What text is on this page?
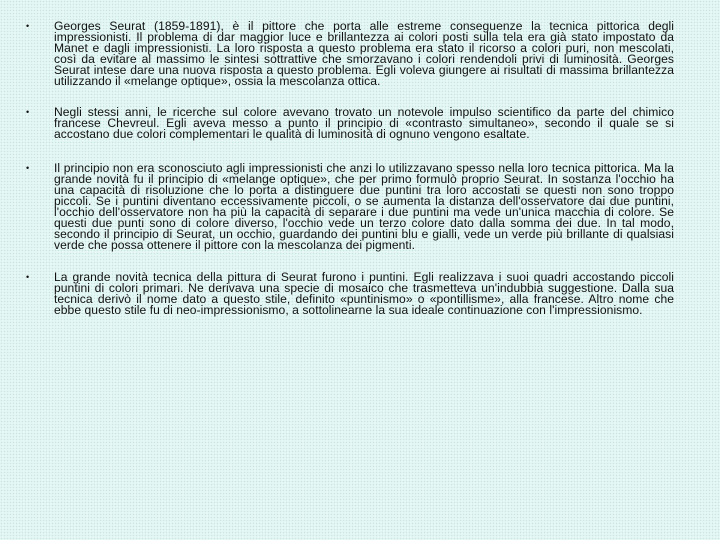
• Georges Seurat (1859-1891), è il pittore che porta alle estreme conseguenze la tecnica pittorica degli impressionisti. Il problema di dar maggior luce e brillantezza ai colori posti sulla tela era già stato impostato da Manet e dagli impressionisti. La loro risposta a questo problema era stato il ricorso a colori puri, non mescolati, così da evitare al massimo le sintesi sottrattive che smorzavano i colori rendendoli privi di luminosità. Georges Seurat intese dare una nuova risposta a questo problema. Egli voleva giungere ai risultati di massima brillantezza utilizzando il «melange optique», ossia la mescolanza ottica.
• Negli stessi anni, le ricerche sul colore avevano trovato un notevole impulso scientifico da parte del chimico francese Chevreul. Egli aveva messo a punto il principio di «contrasto simultaneo», secondo il quale se si accostano due colori complementari le qualità di luminosità di ognuno vengono esaltate.
• Il principio non era sconosciuto agli impressionisti che anzi lo utilizzavano spesso nella loro tecnica pittorica. Ma la grande novità fu il principio di «melange optique», che per primo formulò proprio Seurat. In sostanza l'occhio ha una capacità di risoluzione che lo porta a distinguere due puntini tra loro accostati se questi non sono troppo piccoli. Se i puntini diventano eccessivamente piccoli, o se aumenta la distanza dell'osservatore dai due puntini, l'occhio dell'osservatore non ha più la capacità di separare i due puntini ma vede un'unica macchia di colore. Se questi due punti sono di colore diverso, l'occhio vede un terzo colore dato dalla somma dei due. In tal modo, secondo il principio di Seurat, un occhio, guardando dei puntini blu e gialli, vede un verde più brillante di qualsiasi verde che possa ottenere il pittore con la mescolanza dei pigmenti.
• La grande novità tecnica della pittura di Seurat furono i puntini. Egli realizzava i suoi quadri accostando piccoli puntini di colori primari. Ne derivava una specie di mosaico che trasmetteva un'indubbia suggestione. Dalla sua tecnica derivò il nome dato a questo stile, definito «puntinismo» o «pontillisme», alla francese. Altro nome che ebbe questo stile fu di neo-impressionismo, a sottolinearne la sua ideale continuazione con l'impressionismo.
